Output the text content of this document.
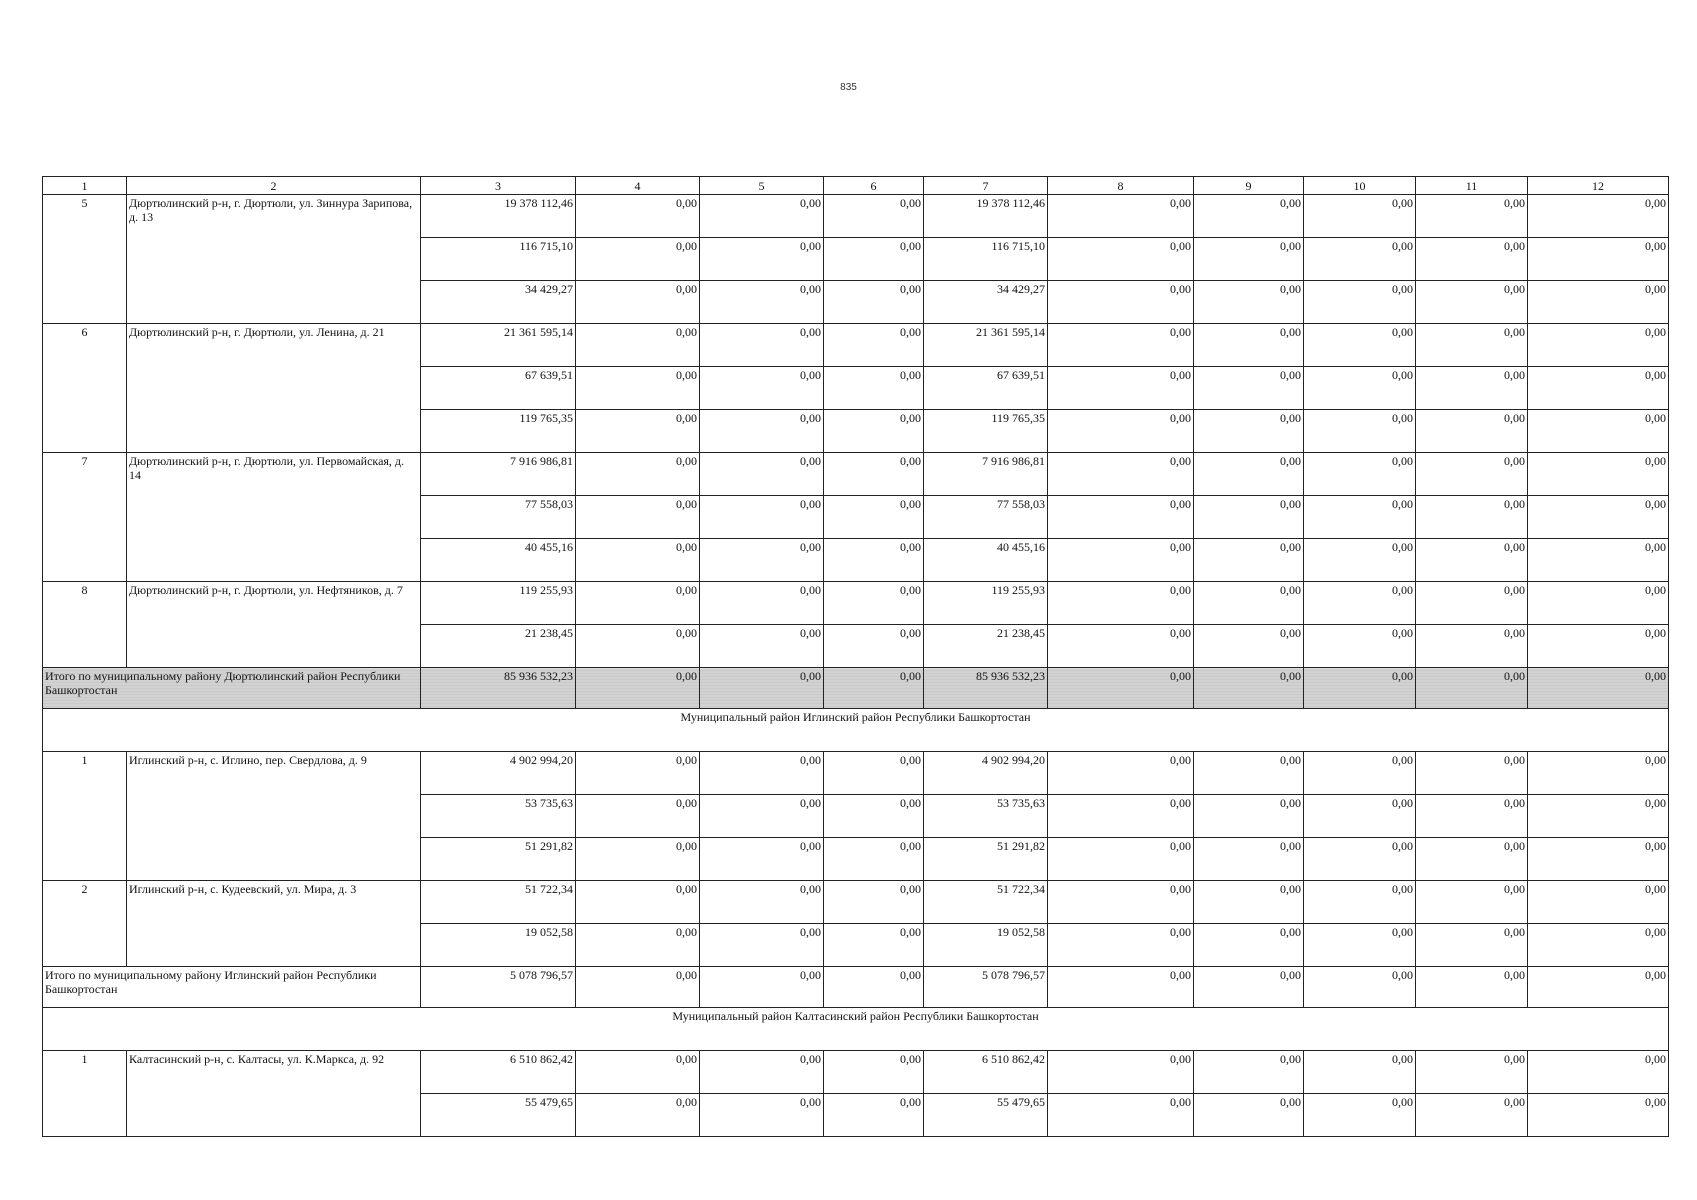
835
1	2	3	4	5	6	7	8	9	10	11	12
5	Дюртюлинский р-н, г. Дюртюли, ул. Зиннура Зарипова, д. 13	19 378 112,46	0,00	0,00	0,00	19 378 112,46	0,00	0,00	0,00	0,00	0,00
		116 715,10	0,00	0,00	0,00	116 715,10	0,00	0,00	0,00	0,00	0,00
		34 429,27	0,00	0,00	0,00	34 429,27	0,00	0,00	0,00	0,00	0,00
6	Дюртюлинский р-н, г. Дюртюли, ул. Ленина, д. 21	21 361 595,14	0,00	0,00	0,00	21 361 595,14	0,00	0,00	0,00	0,00	0,00
		67 639,51	0,00	0,00	0,00	67 639,51	0,00	0,00	0,00	0,00	0,00
		119 765,35	0,00	0,00	0,00	119 765,35	0,00	0,00	0,00	0,00	0,00
7	Дюртюлинский р-н, г. Дюртюли, ул. Первомайская, д. 14	7 916 986,81	0,00	0,00	0,00	7 916 986,81	0,00	0,00	0,00	0,00	0,00
		77 558,03	0,00	0,00	0,00	77 558,03	0,00	0,00	0,00	0,00	0,00
		40 455,16	0,00	0,00	0,00	40 455,16	0,00	0,00	0,00	0,00	0,00
8	Дюртюлинский р-н, г. Дюртюли, ул. Нефтяников, д. 7	119 255,93	0,00	0,00	0,00	119 255,93	0,00	0,00	0,00	0,00	0,00
		21 238,45	0,00	0,00	0,00	21 238,45	0,00	0,00	0,00	0,00	0,00
Итого по муниципальному району Дюртюлинский район Республики Башкортостан		85 936 532,23	0,00	0,00	0,00	85 936 532,23	0,00	0,00	0,00	0,00	0,00
Муниципальный район Иглинский район Республики Башкортостан											
1	Иглинский р-н, с. Иглино, пер. Свердлова, д. 9	4 902 994,20	0,00	0,00	0,00	4 902 994,20	0,00	0,00	0,00	0,00	0,00
		53 735,63	0,00	0,00	0,00	53 735,63	0,00	0,00	0,00	0,00	0,00
		51 291,82	0,00	0,00	0,00	51 291,82	0,00	0,00	0,00	0,00	0,00
2	Иглинский р-н, с. Кудеевский, ул. Мира, д. 3	51 722,34	0,00	0,00	0,00	51 722,34	0,00	0,00	0,00	0,00	0,00
		19 052,58	0,00	0,00	0,00	19 052,58	0,00	0,00	0,00	0,00	0,00
Итого по муниципальному району Иглинский район Республики Башкортостан		5 078 796,57	0,00	0,00	0,00	5 078 796,57	0,00	0,00	0,00	0,00	0,00
Муниципальный район Калтасинский район Республики Башкортостан											
1	Калтасинский р-н, с. Калтасы, ул. К.Маркса, д. 92	6 510 862,42	0,00	0,00	0,00	6 510 862,42	0,00	0,00	0,00	0,00	0,00
		55 479,65	0,00	0,00	0,00	55 479,65	0,00	0,00	0,00	0,00	0,00
